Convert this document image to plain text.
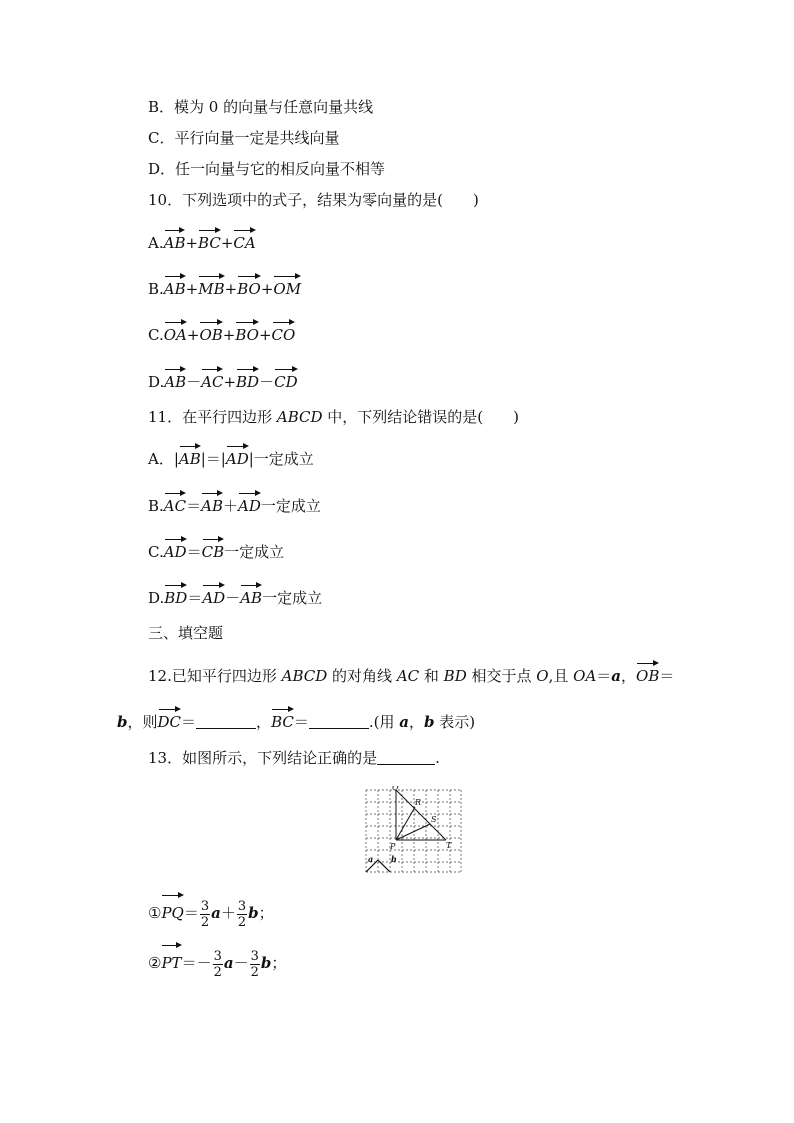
B．模为 0 的向量与任意向量共线
C．平行向量一定是共线向量
D．任一向量与它的相反向量不相等
10．下列选项中的式子，结果为零向量的是(　　)
A.AB+BC+CA
B.AB+MB+BO+OM
C.OA+OB+BO+CO
D.AB－AC+BD－CD
11．在平行四边形 ABCD 中，下列结论错误的是(　　)
A．|AB|＝|AD|一定成立
B.AC＝AB＋AD一定成立
C.AD＝CB一定成立
D.BD＝AD－AB一定成立
三、填空题
12.已知平行四边形 ABCD 的对角线 AC 和 BD 相交于点 O,且 OA＝a，OB＝
b，则DC＝	，BC＝	.(用 a，b 表示)
13．如图所示，下列结论正确的是	.
Q
R
S
P	T
a b
①PQ＝ $\frac{3}{2} a+ \frac{3}{2}$ b；
②PT＝－ $\frac{3}{2} a- \frac{3}{2}$ b；
